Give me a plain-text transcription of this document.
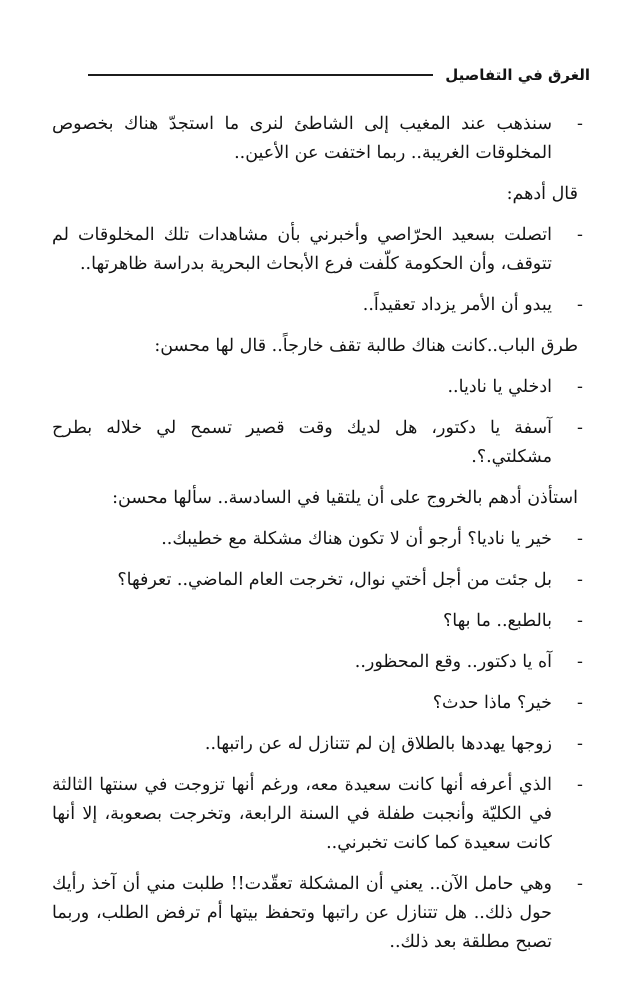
الغرق في التفاصيل
-
سنذهب عند المغيب إلى الشاطئ لنرى ما استجدّ هناك بخصوص المخلوقات الغريبة.. ربما اختفت عن الأعين..
قال أدهم:
-
اتصلت بسعيد الحرّاصي وأخبرني بأن مشاهدات تلك المخلوقات لم تتوقف، وأن الحكومة كلّفت فرع الأبحاث البحرية بدراسة ظاهرتها..
-
يبدو أن الأمر يزداد تعقيداً..
طرق الباب..كانت هناك طالبة تقف خارجاً.. قال لها محسن:
-
ادخلي يا ناديا..
-
آسفة يا دكتور، هل لديك وقت قصير تسمح لي خلاله بطرح مشكلتي.؟.
استأذن أدهم بالخروج على أن يلتقيا في السادسة.. سألها محسن:
-
خير يا ناديا؟ أرجو أن لا تكون هناك مشكلة مع خطيبك..
-
بل جئت من أجل أختي نوال، تخرجت العام الماضي.. تعرفها؟
-
بالطبع.. ما بها؟
-
آه يا دكتور.. وقع المحظور..
-
خير؟ ماذا حدث؟
-
زوجها يهددها بالطلاق إن لم تتنازل له عن راتبها..
-
الذي أعرفه أنها كانت سعيدة معه، ورغم أنها تزوجت في سنتها الثالثة في الكليّة وأنجبت طفلة في السنة الرابعة، وتخرجت بصعوبة، إلا أنها كانت سعيدة كما كانت تخبرني..
-
وهي حامل الآن.. يعني أن المشكلة تعقّدت!! طلبت مني أن آخذ رأيك حول ذلك.. هل تتنازل عن راتبها وتحفظ بيتها أم ترفض الطلب، وربما تصبح مطلقة بعد ذلك..
